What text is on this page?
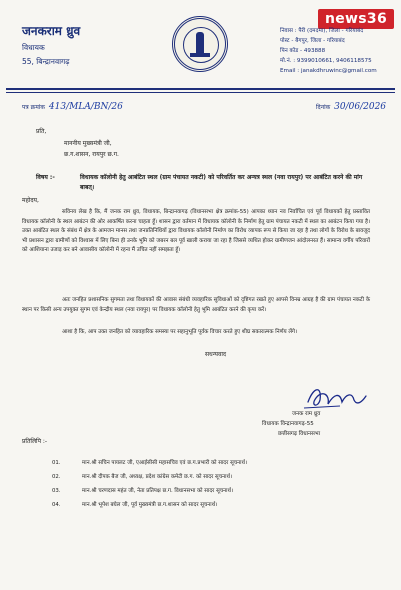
news36
जनकराम ध्रुव
विधायक
55, बिन्द्रानवागढ़
निवास : पैरी (दमदमा), जिला - गरियाबंद
पोस्ट - बैगपुर, जिला - गरियाबंद
पिन कोड - 493888
मो.नं. : 9399010661, 9406118575
Email : janakdhruwinc@gmail.com
पत्र क्रमांक 413/MLA/BN/26	दिनांक 30/06/2026
प्रति,
माननीय मुख्यमंत्री जी,
छ.ग.शासन, रायपुर छ.ग.
विषय :-	विधायक कॉलोनी हेतु आबंटित स्थल (ग्राम पंचायत नकटी) को परिवर्तित कर अन्यत्र स्थल (नवा रायपुर) पर आबंटित करने की मांग बाबत्।
महोदय,
सविनय लेख है कि, मैं जनक राम ध्रुव, विधायक, बिन्द्रानवागढ़ (विधानसभा क्षेत्र क्रमांक-55) आपका ध्यान नव निर्वाचित एवं पूर्व विधायकों हेतु प्रस्तावित विधायक कॉलोनी के स्थल आबंटन की ओर आकर्षित करना चाहता हूँ। शासन द्वारा वर्तमान में विधायक कॉलोनी के निर्माण हेतु ग्राम पंचायत नकटी में स्थल का आबंटन किया गया है। उक्त आबंटित स्थल के संबंध में क्षेत्र के आमजन मानस तथा जनप्रतिनिधियों द्वारा विधायक कॉलोनी निर्माण का विरोध व्यापक रूप से किया जा रहा है तथा लोगों के विरोध के बावजूद भी प्रशासन द्वारा ग्रामीणों को विश्वास में लिए बिना ही उनके भूमि को जबरन बल पूर्व खाली कराया जा रहा है जिससे व्यथित होकर ग्रामीणजन आंदोलनरत हैं। सामान्य वर्गीय परिवारों को आशियाना उजाड़ कर बने आवासीय कॉलोनी में रहना मैं उचित नहीं समझता हूँ।
अतः जनहित प्रशासनिक सुगमता तथा विधायकों की आवास संबंधी व्यवहारिक सुविधाओं को दृष्टिगत रखते हुए आपसे विनम्र आग्रह है की ग्राम पंचायत नकटी के स्थान पर किसी अन्य उपयुक्त सुगम एवं केन्द्रीय स्थल (नवा रायपुर) पर विधायक कॉलोनी हेतु भूमि आबंटित करने की कृपा करें।
आशा है कि, आप उक्त जनहित को व्यावहारिक समस्या पर सहानुभूति पूर्वक विचार करते हुए शीघ्र सकारात्मक निर्णय लेंगे।
सधन्यवाद
जनक राम ध्रुव
विधायक विन्द्रानवागढ़-55
छत्तीसगढ़ विधानसभा
प्रतिलिपि :-
01.	मान.श्री सचिन पायलट जी, एआईसीसी महासचिव एवं छ.ग.प्रभारी को सादर सूचनार्थ।
02.	मान.श्री दीपक बैज जी, अध्यक्ष, प्रदेश कांग्रेस कमेटी छ.ग. को सादर सूचनार्थ।
03.	मान.श्री चरणदास महंत जी, नेता प्रतिपक्ष छ.ग. विधानसभा को सादर सूचनार्थ।
04.	मान.श्री भूपेश बघेल जी, पूर्व मुख्यमंत्री छ.ग.शासन को सादर सूचनार्थ।
